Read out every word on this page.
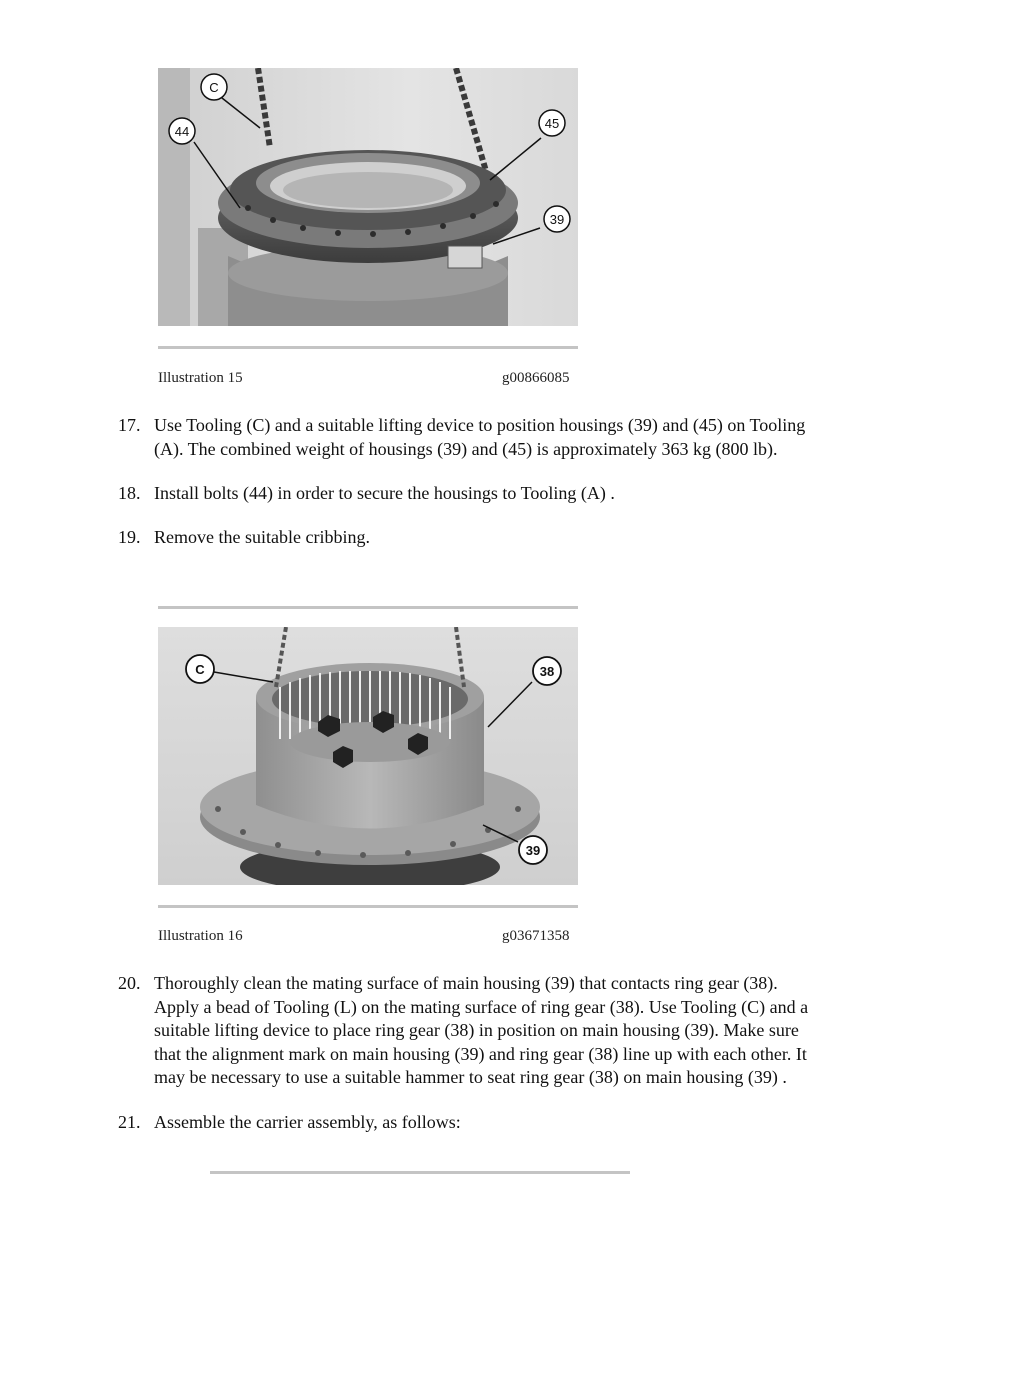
C
44
45
39
Illustration 15	g00866085
17. Use Tooling (C) and a suitable lifting device to position housings (39) and (45) on Tooling
(A). The combined weight of housings (39) and (45) is approximately 363 kg (800 lb).
18. Install bolts (44) in order to secure the housings to Tooling (A) .
19. Remove the suitable cribbing.
C	38
39
Illustration 16	g03671358
20. Thoroughly clean the mating surface of main housing (39) that contacts ring gear (38).
Apply a bead of Tooling (L) on the mating surface of ring gear (38). Use Tooling (C) and a
suitable lifting device to place ring gear (38) in position on main housing (39). Make sure
that the alignment mark on main housing (39) and ring gear (38) line up with each other. It
may be necessary to use a suitable hammer to seat ring gear (38) on main housing (39) .
21. Assemble the carrier assembly, as follows:
